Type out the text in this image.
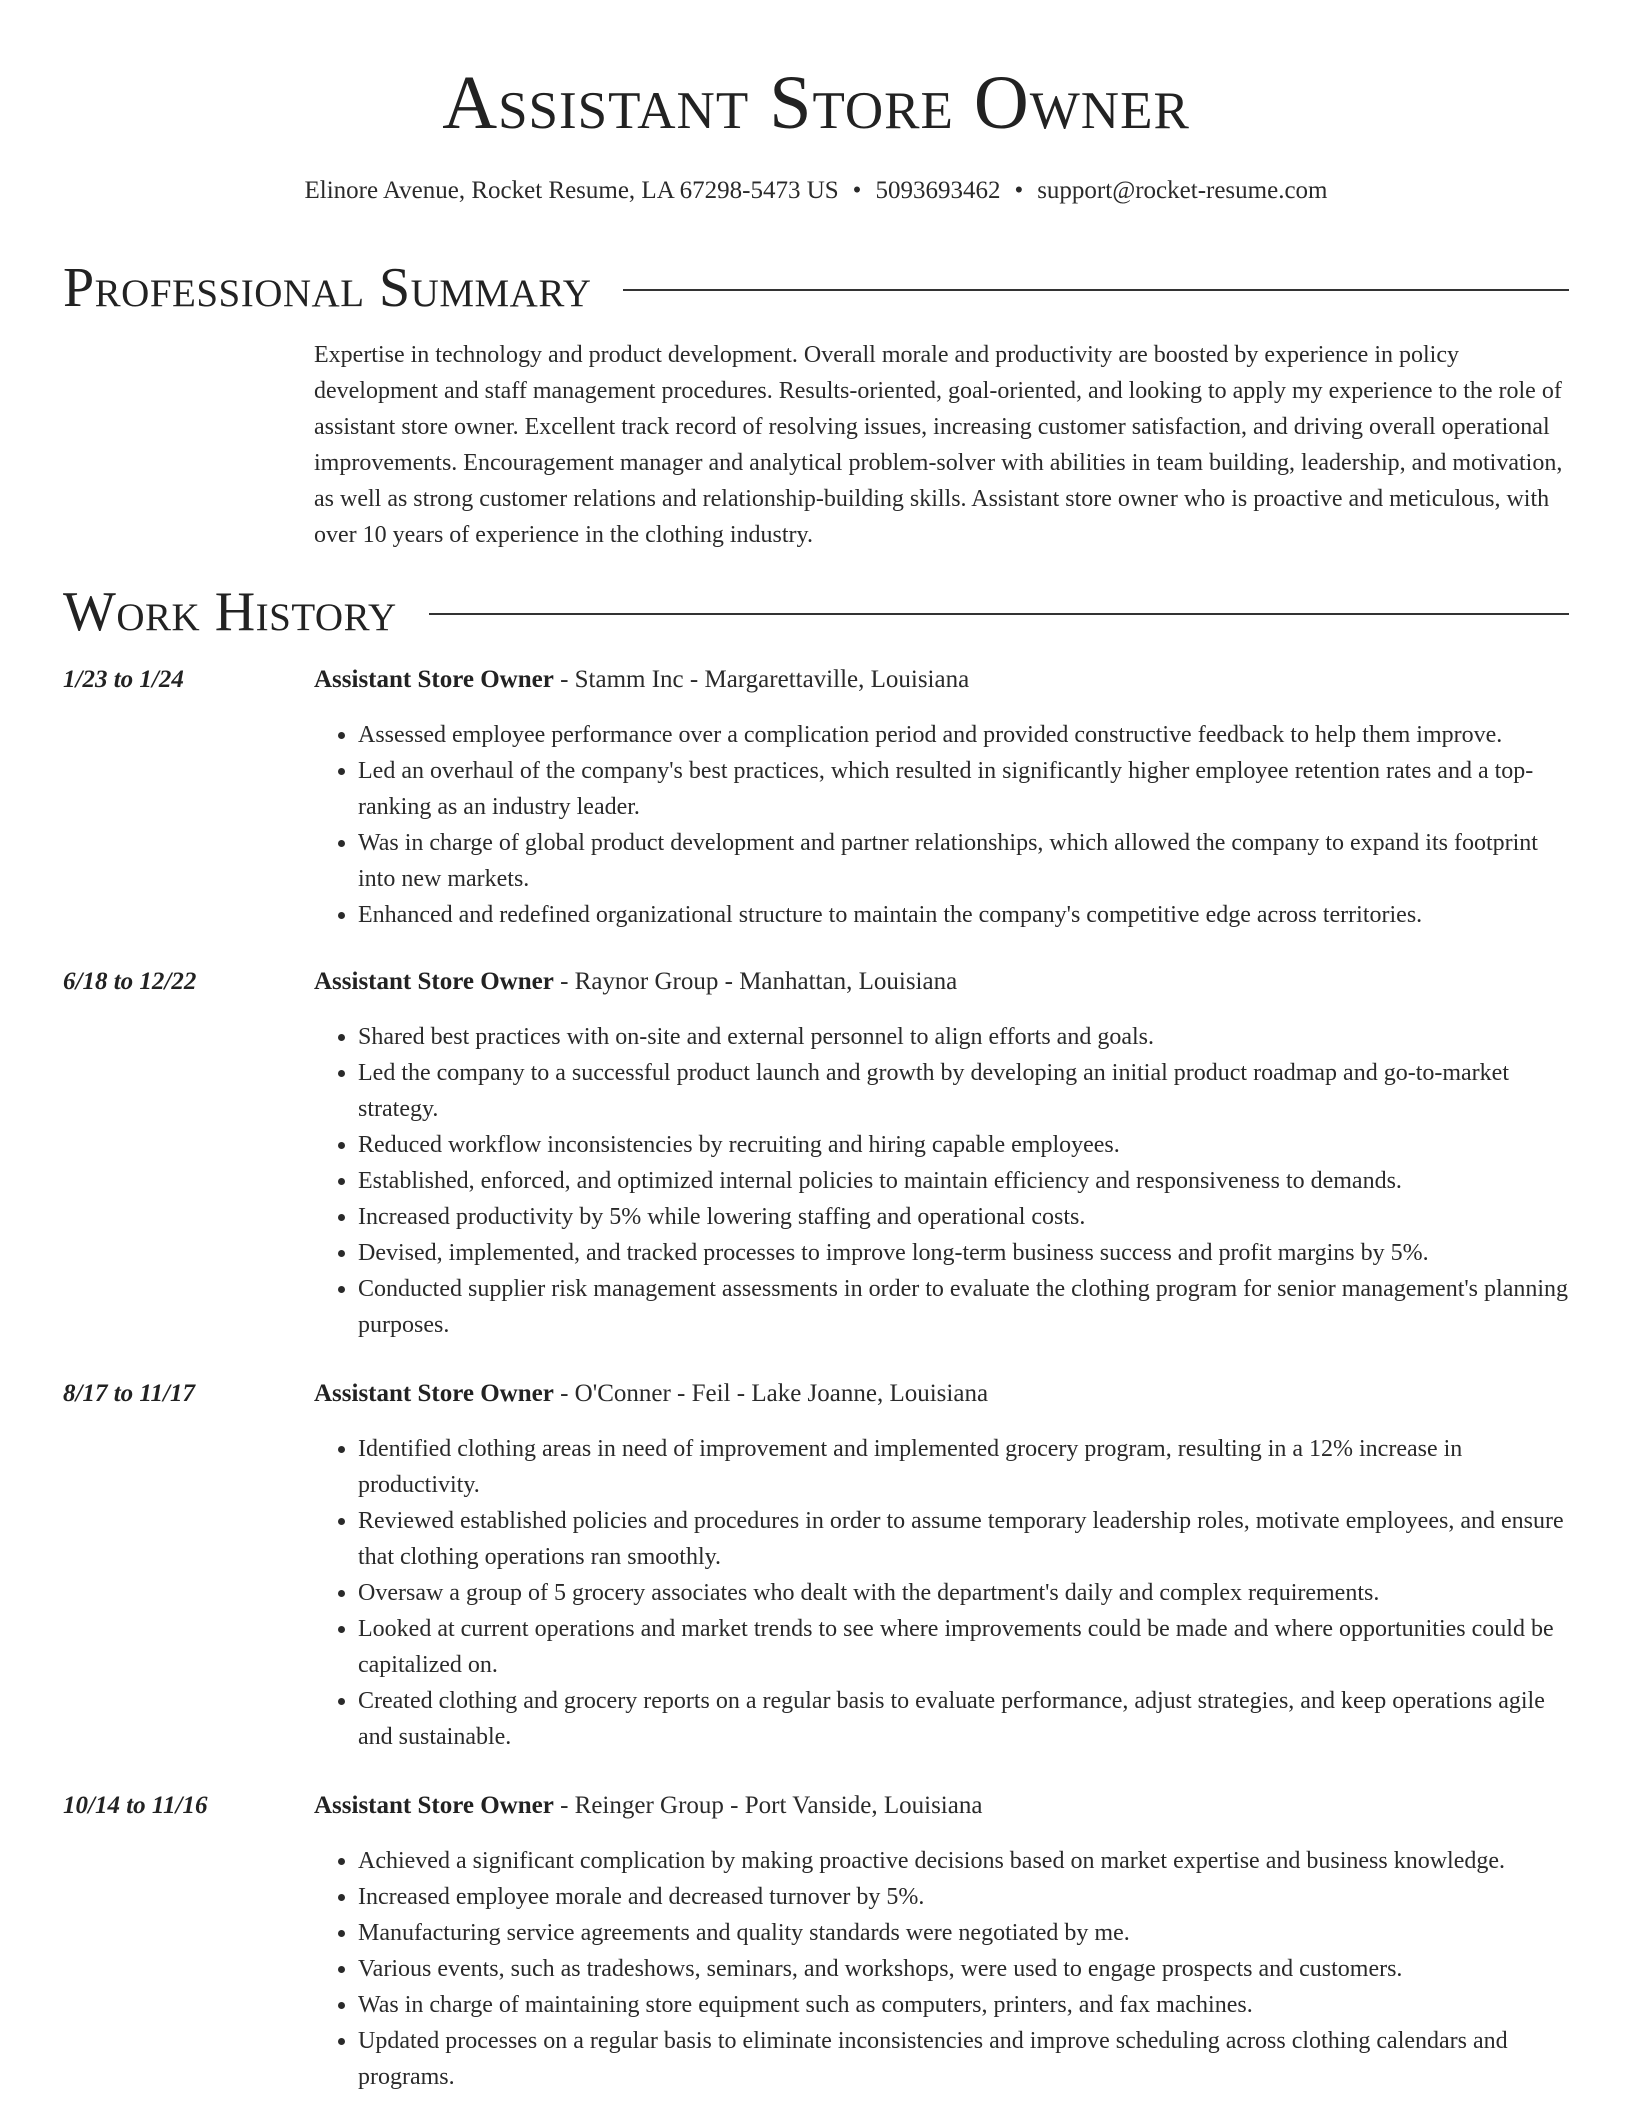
Assistant Store Owner
Elinore Avenue, Rocket Resume, LA 67298-5473 US • 5093693462 • support@rocket-resume.com
Professional Summary

Expertise in technology and product development. Overall morale and productivity are boosted by experience in policy development and staff management procedures. Results-oriented, goal-oriented, and looking to apply my experience to the role of assistant store owner. Excellent track record of resolving issues, increasing customer satisfaction, and driving overall operational improvements. Encouragement manager and analytical problem-solver with abilities in team building, leadership, and motivation, as well as strong customer relations and relationship-building skills. Assistant store owner who is proactive and meticulous, with over 10 years of experience in the clothing industry.

Work History
1/23 to 1/24	Assistant Store Owner - Stamm Inc - Margarettaville, Louisiana
• Assessed employee performance over a complication period and provided constructive feedback to help them improve.
• Led an overhaul of the company's best practices, which resulted in significantly higher employee retention rates and a top-ranking as an industry leader.
• Was in charge of global product development and partner relationships, which allowed the company to expand its footprint into new markets.
• Enhanced and redefined organizational structure to maintain the company's competitive edge across territories.
6/18 to 12/22	Assistant Store Owner - Raynor Group - Manhattan, Louisiana
• Shared best practices with on-site and external personnel to align efforts and goals.
• Led the company to a successful product launch and growth by developing an initial product roadmap and go-to-market strategy.
• Reduced workflow inconsistencies by recruiting and hiring capable employees.
• Established, enforced, and optimized internal policies to maintain efficiency and responsiveness to demands.
• Increased productivity by 5% while lowering staffing and operational costs.
• Devised, implemented, and tracked processes to improve long-term business success and profit margins by 5%.
• Conducted supplier risk management assessments in order to evaluate the clothing program for senior management's planning purposes.
8/17 to 11/17	Assistant Store Owner - O'Conner - Feil - Lake Joanne, Louisiana
• Identified clothing areas in need of improvement and implemented grocery program, resulting in a 12% increase in productivity.
• Reviewed established policies and procedures in order to assume temporary leadership roles, motivate employees, and ensure that clothing operations ran smoothly.
• Oversaw a group of 5 grocery associates who dealt with the department's daily and complex requirements.
• Looked at current operations and market trends to see where improvements could be made and where opportunities could be capitalized on.
• Created clothing and grocery reports on a regular basis to evaluate performance, adjust strategies, and keep operations agile and sustainable.
10/14 to 11/16	Assistant Store Owner - Reinger Group - Port Vanside, Louisiana
• Achieved a significant complication by making proactive decisions based on market expertise and business knowledge.
• Increased employee morale and decreased turnover by 5%.
• Manufacturing service agreements and quality standards were negotiated by me.
• Various events, such as tradeshows, seminars, and workshops, were used to engage prospects and customers.
• Was in charge of maintaining store equipment such as computers, printers, and fax machines.
• Updated processes on a regular basis to eliminate inconsistencies and improve scheduling across clothing calendars and programs.
